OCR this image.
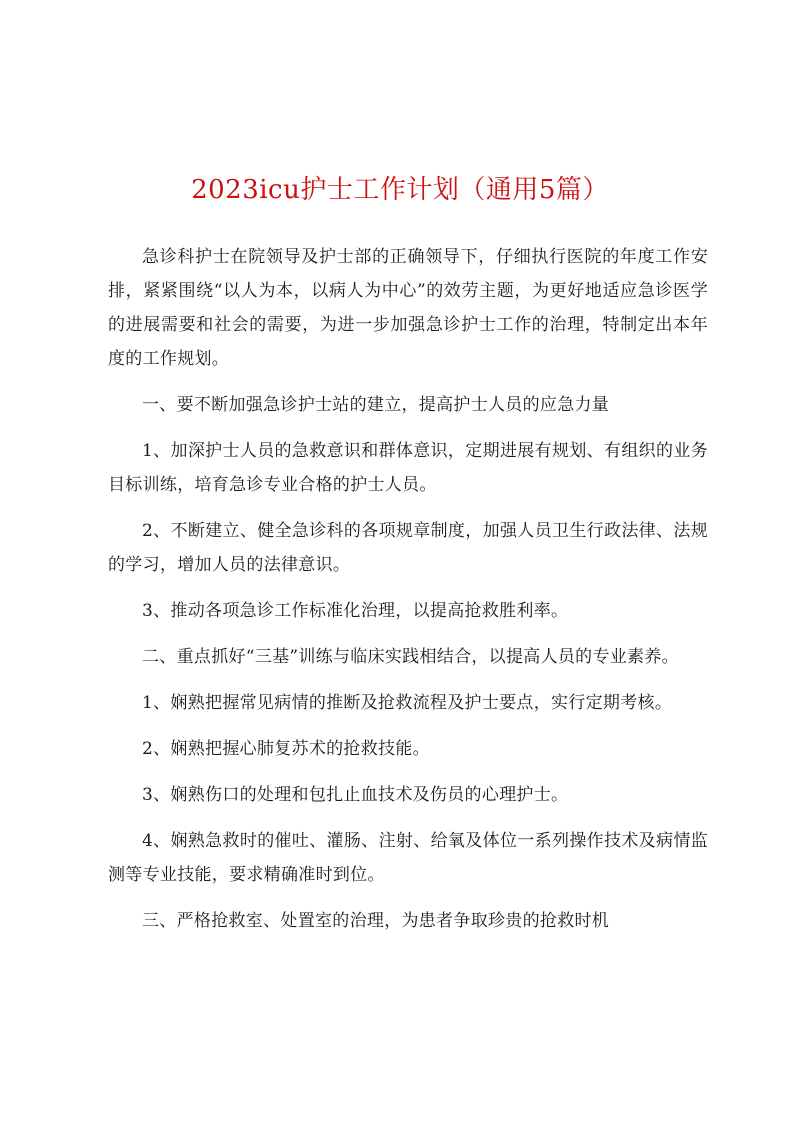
2023icu护士工作计划（通用5篇）

急诊科护士在院领导及护士部的正确领导下，仔细执行医院的年度工作安排，紧紧围绕“以人为本，以病人为中心”的效劳主题，为更好地适应急诊医学的进展需要和社会的需要，为进一步加强急诊护士工作的治理，特制定出本年度的工作规划。

一、要不断加强急诊护士站的建立，提高护士人员的应急力量

1、加深护士人员的急救意识和群体意识，定期进展有规划、有组织的业务目标训练，培育急诊专业合格的护士人员。

2、不断建立、健全急诊科的各项规章制度，加强人员卫生行政法律、法规的学习，增加人员的法律意识。

3、推动各项急诊工作标准化治理，以提高抢救胜利率。

二、重点抓好“三基”训练与临床实践相结合，以提高人员的专业素养。

1、娴熟把握常见病情的推断及抢救流程及护士要点，实行定期考核。

2、娴熟把握心肺复苏术的抢救技能。

3、娴熟伤口的处理和包扎止血技术及伤员的心理护士。

4、娴熟急救时的催吐、灌肠、注射、给氧及体位一系列操作技术及病情监测等专业技能，要求精确准时到位。

三、严格抢救室、处置室的治理，为患者争取珍贵的抢救时机
